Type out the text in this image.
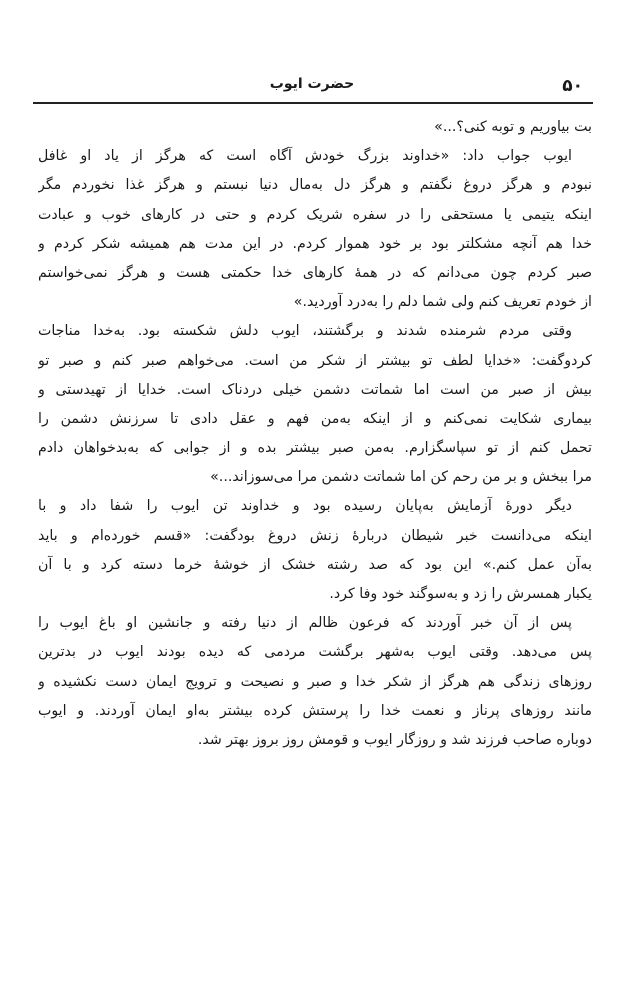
۵۰
حضرت ایوب
بت بیاوریم و توبه کنی؟...»
ایوب جواب داد: «خداوند بزرگ خودش آگاه است که هرگز از یاد او غافل
نبودم و هرگز دروغ نگفتم و هرگز دل به‌مال دنیا نبستم و هرگز غذا نخوردم مگر
اینکه یتیمی یا مستحقی را در سفره شریک کردم و حتی در کارهای خوب و عبادت
خدا هم آنچه مشکلتر بود بر خود هموار کردم. در این مدت هم همیشه شکر کردم و
صبر کردم چون می‌دانم که در همهٔ کارهای خدا حکمتی هست و هرگز نمی‌خواستم
از خودم تعریف کنم ولی شما دلم را به‌درد آوردید.»
وقتی مردم شرمنده شدند و برگشتند، ایوب دلش شکسته بود. به‌خدا مناجات
کردوگفت: «خدایا لطف تو بیشتر از شکر من است. می‌خواهم صبر کنم و صبر تو
بیش از صبر من است اما شماتت دشمن خیلی دردناک است. خدایا از تهیدستی و
بیماری شکایت نمی‌کنم و از اینکه به‌من فهم و عقل دادی تا سرزنش دشمن را
تحمل کنم از تو سپاسگزارم. به‌من صبر بیشتر بده و از جوابی که به‌بدخواهان دادم
مرا ببخش و بر من رحم کن اما شماتت دشمن مرا می‌سوزاند...»
دیگر دورهٔ آزمایش به‌پایان رسیده بود و خداوند تن ایوب را شفا داد و با
اینکه می‌دانست خبر شیطان دربارهٔ زنش دروغ بودگفت: «قسم خورده‌ام و باید
به‌آن عمل کنم.» این بود که صد رشته خشک از خوشهٔ خرما دسته کرد و با آن
یکبار همسرش را زد و به‌سوگند خود وفا کرد.
پس از آن خبر آوردند که فرعون ظالم از دنیا رفته و جانشین او باغ ایوب را
پس می‌دهد. وقتی ایوب به‌شهر برگشت مردمی که دیده بودند ایوب در بدترین
روزهای زندگی هم هرگز از شکر خدا و صبر و نصیحت و ترویج ایمان دست نکشیده و
مانند روزهای پرناز و نعمت خدا را پرستش کرده بیشتر به‌او ایمان آوردند. و ایوب
دوباره صاحب فرزند شد و روزگار ایوب و قومش روز بروز بهتر شد.
